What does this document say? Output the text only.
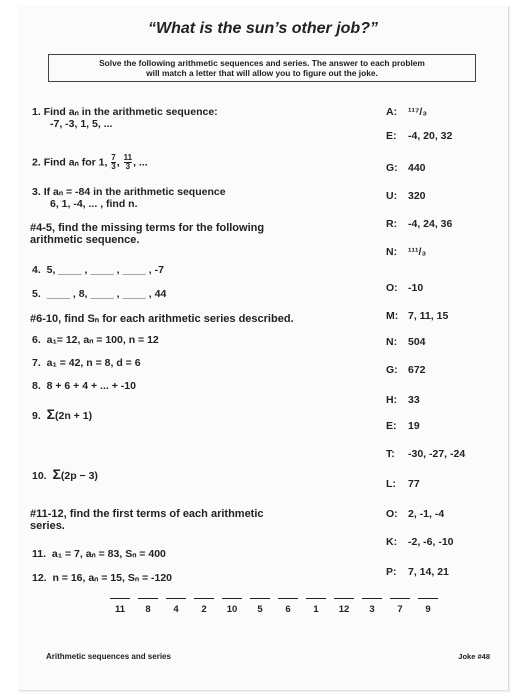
“What is the sun’s other job?”
Solve the following arithmetic sequences and series. The answer to each problem
will match a letter that will allow you to figure out the joke.
1. Find aₙ in the arithmetic sequence:
-7, -3, 1, 5, ...
2. Find aₙ for 1, $\frac{7}{3}$ , $\frac{11}{3}$ , ...
3. If aₙ = -84 in the arithmetic sequence
6, 1, -4, ... , find n.
#4-5, find the missing terms for the following
arithmetic sequence.
4. 5, ____ , ____ , ____ , -7
5. ____ , 8, ____ , ____ , 44
#6-10, find Sₙ for each arithmetic series described.
6. a₁= 12, aₙ = 100, n = 12
7. a₁ = 42, n = 8, d = 6
8. 8 + 6 + 4 + ... + -10
9. Σ(2n + 1)
10. Σ(2p − 3)
#11-12, find the first terms of each arithmetic
series.
11. a₁ = 7, aₙ = 83, Sₙ = 400
12. n = 16, aₙ = 15, Sₙ = -120
A: ¹¹⁷/₃
E: -4, 20, 32
G: 440
U: 320
R: -4, 24, 36
N: ¹¹¹/₃
O: -10
M: 7, 11, 15
N: 504
G: 672
H: 33
E: 19
T: -30, -27, -24
L: 77
O: 2, -1, -4
K: -2, -6, -10
P: 7, 14, 21
11	8	4	2	10	5	6	1	12	3	7	9
Arithmetic sequences and series	Joke #48
